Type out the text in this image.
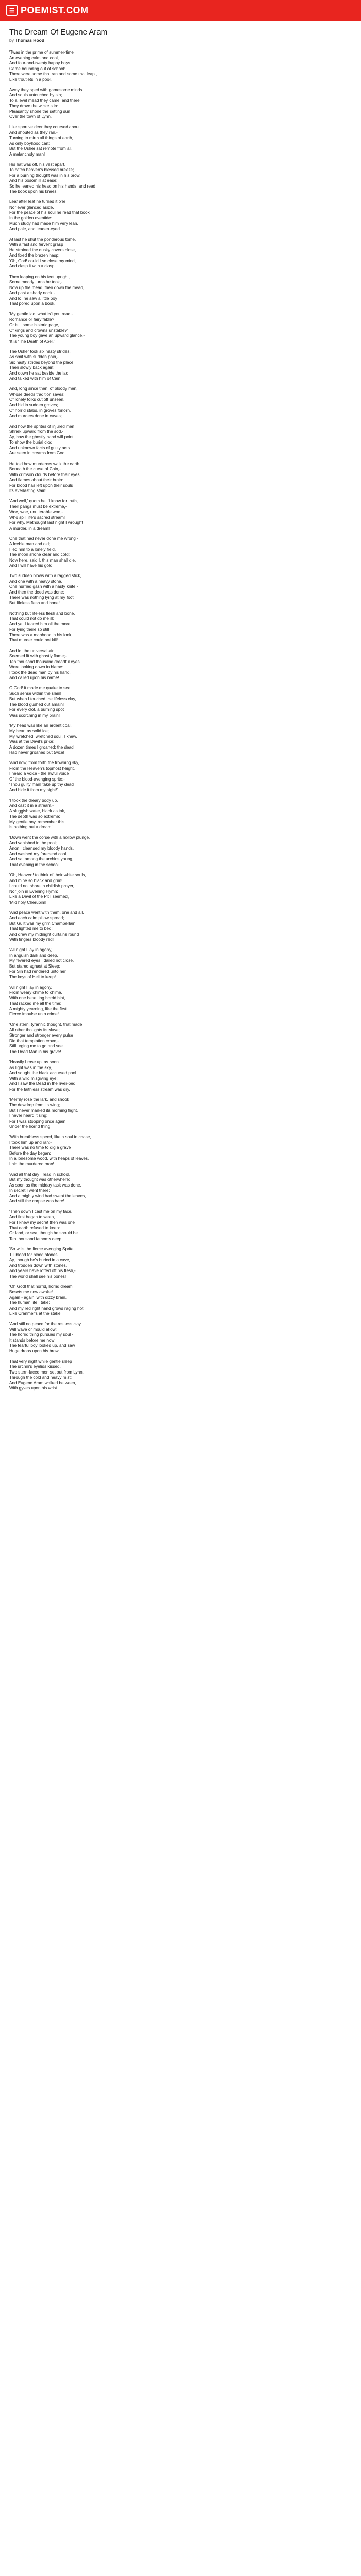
☰ POEMIST.COM
The Dream Of Eugene Aram
by Thomas Hood
'Twas in the prime of summer-time
An evening calm and cool,
And four-and-twenty happy boys
Came bounding out of school:
There were some that ran and some that leapt,
Like troutlets in a pool.
Away they sped with gamesome minds,
And souls untouched by sin;
To a level mead they came, and there
They drave the wickets in:
Pleasantly shone the setting sun
Over the town of Lynn.
Like sportive deer they coursed about,
And shouted as they ran,-
Turning to mirth all things of earth,
As only boyhood can;
But the Usher sat remote from all,
A melancholy man!
His hat was off, his vest apart,
To catch heaven's blessed breeze;
For a burning thought was in his brow,
And his bosom ill at ease:
So he leaned his head on his hands, and read
The book upon his knees!
Leaf after leaf he turned it o'er
Nor ever glanced aside,
For the peace of his soul he read that book
In the golden eventide:
Much study had made him very lean,
And pale, and leaden-eyed.
At last he shut the ponderous tome,
With a fast and fervent grasp
He strained the dusky covers close,
And fixed the brazen hasp;
'Oh, God! could I so close my mind,
And clasp it with a clasp!'
Then leaping on his feet upright,
Some moody turns he took,-
Now up the mead, then down the mead,
And past a shady nook,-
And lo! he saw a little boy
That pored upon a book.
'My gentle lad, what is't you read -
Romance or fairy fable?
Or is it some historic page,
Of kings and crowns unstable?'
The young boy gave an upward glance,-
'It is 'The Death of Abel.''
The Usher took six hasty strides,
As smit with sudden pain,-
Six hasty strides beyond the place,
Then slowly back again;
And down he sat beside the lad,
And talked with him of Cain;
And, long since then, of bloody men,
Whose deeds tradition saves;
Of lonely folks cut off unseen,
And hid in sudden graves;
Of horrid stabs, in groves forlorn,
And murders done in caves;
And how the sprites of injured men
Shriek upward from the sod,-
Ay, how the ghostly hand will point
To show the burial clod;
And unknown facts of guilty acts
Are seen in dreams from God!
He told how murderers walk the earth
Beneath the curse of Cain,-
With crimson clouds before their eyes,
And flames about their brain:
For blood has left upon their souls
Its everlasting stain!
'And well,' quoth he, 'I know for truth,
Their pangs must be extreme,-
Woe, woe, unutterable woe,-
Who spill life's sacred stream!
For why, Methought last night I wrought
A murder, in a dream!
One that had never done me wrong -
A feeble man and old;
I led him to a lonely field,
The moon shone clear and cold:
Now here, said I, this man shall die,
And I will have his gold!
Two sudden blows with a ragged stick,
And one with a heavy stone,
One hurried gash with a hasty knife,-
And then the deed was done:
There was nothing lying at my foot
But lifeless flesh and bone!
Nothing but lifeless flesh and bone,
That could not do me ill;
And yet I feared him all the more,
For lying there so still:
There was a manhood in his look,
That murder could not kill!
And lo! the universal air
Seemed lit with ghastly flame;-
Ten thousand thousand dreadful eyes
Were looking down in blame:
I took the dead man by his hand,
And called upon his name!
O God! it made me quake to see
Such sense within the slain!
But when I touched the lifeless clay,
The blood gushed out amain!
For every clot, a burning spot
Was scorching in my brain!
'My head was like an ardent coal,
My heart as solid ice;
My wretched, wretched soul, I knew,
Was at the Devil's price:
A dozen times I groaned: the dead
Had never groaned but twice!
'And now, from forth the frowning sky,
From the Heaven's topmost height,
I heard a voice - the awful voice
Of the blood-avenging sprite:-
'Thou guilty man! take up thy dead
And hide it from my sight!'
'I took the dreary body up,
And cast it in a stream,-
A sluggish water, black as ink,
The depth was so extreme:
My gentle boy, remember this
Is nothing but a dream!
'Down went the corse with a hollow plunge,
And vanished in the pool;
Anon I cleansed my bloody hands,
And washed my forehead cool,
And sat among the urchins young,
That evening in the school.
'Oh, Heaven! to think of their white souls,
And mine so black and grim!
I could not share in childish prayer,
Nor join in Evening Hymn:
Like a Devil of the Pit I seemed,
'Mid holy Cherubim!
'And peace went with them, one and all,
And each calm pillow spread;
But Guilt was my grim Chamberlain
That lighted me to bed;
And drew my midnight curtains round
With fingers bloody red!
'All night I lay in agony,
In anguish dark and deep,
My fevered eyes I dared not close,
But stared aghast at Sleep:
For Sin had rendered unto her
The keys of Hell to keep!
'All night I lay in agony,
From weary chime to chime,
With one besetting horrid hint,
That racked me all the time;
A mighty yearning, like the first
Fierce impulse unto crime!
'One stern, tyrannic thought, that made
All other thoughts its slave;
Stronger and stronger every pulse
Did that temptation crave,-
Still urging me to go and see
The Dead Man in his grave!
'Heavily I rose up, as soon
As light was in the sky,
And sought the black accursed pool
With a wild misgiving eye;
And I saw the Dead in the river-bed,
For the faithless stream was dry.
'Merrily rose the lark, and shook
The dewdrop from its wing;
But I never marked its morning flight,
I never heard it sing:
For I was stooping once again
Under the horrid thing.
'With breathless speed, like a soul in chase,
I took him up and ran;-
There was no time to dig a grave
Before the day began:
In a lonesome wood, with heaps of leaves,
I hid the murdered man!
'And all that day I read in school,
But my thought was otherwhere;
As soon as the midday task was done,
In secret I went there:
And a mighty wind had swept the leaves,
And still the corpse was bare!
'Then down I cast me on my face,
And first began to weep,
For I knew my secret then was one
That earth refused to keep:
Or land, or sea, though he should be
Ten thousand fathoms deep.
'So wills the fierce avenging Sprite,
Till blood for blood atones!
Ay, though he's buried in a cave,
And trodden down with stones,
And years have rotted off his flesh,-
The world shall see his bones!
'Oh God! that horrid, horrid dream
Besets me now awake!
Again - again, with dizzy brain,
The human life I take;
And my red right hand grows raging hot,
Like Cranmer's at the stake.
'And still no peace for the restless clay,
Will wave or mould allow;
The horrid thing pursues my soul -
It stands before me now!'
The fearful boy looked up, and saw
Huge drops upon his brow.
That very night while gentle sleep
The urchin's eyelids kissed,
Two stern-faced men set out from Lynn,
Through the cold and heavy mist;
And Eugene Aram walked between,
With gyves upon his wrist.
